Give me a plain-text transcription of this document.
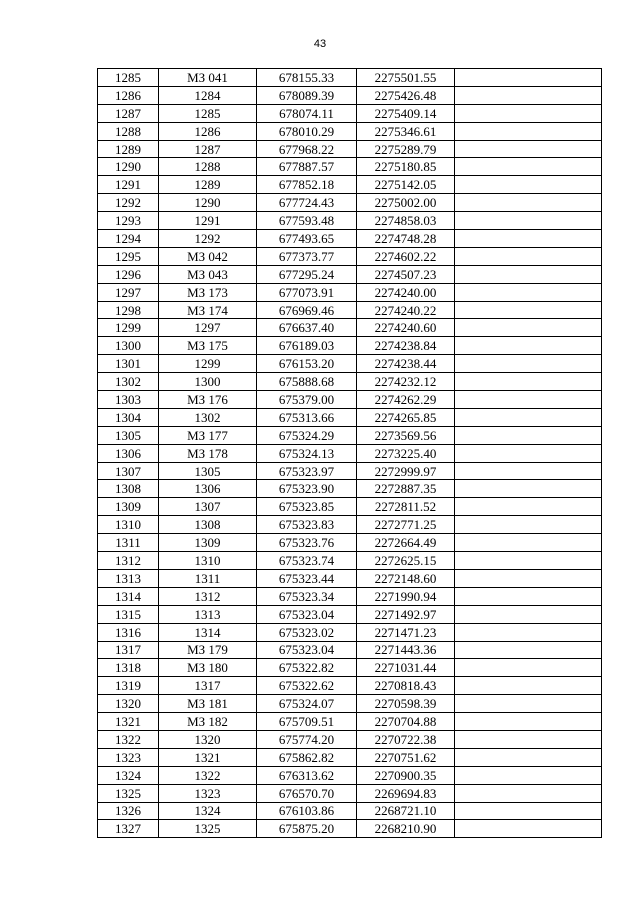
43
1285	МЗ 041	678155.33	2275501.55	
1286	1284	678089.39	2275426.48	
1287	1285	678074.11	2275409.14	
1288	1286	678010.29	2275346.61	
1289	1287	677968.22	2275289.79	
1290	1288	677887.57	2275180.85	
1291	1289	677852.18	2275142.05	
1292	1290	677724.43	2275002.00	
1293	1291	677593.48	2274858.03	
1294	1292	677493.65	2274748.28	
1295	МЗ 042	677373.77	2274602.22	
1296	МЗ 043	677295.24	2274507.23	
1297	МЗ 173	677073.91	2274240.00	
1298	МЗ 174	676969.46	2274240.22	
1299	1297	676637.40	2274240.60	
1300	МЗ 175	676189.03	2274238.84	
1301	1299	676153.20	2274238.44	
1302	1300	675888.68	2274232.12	
1303	МЗ 176	675379.00	2274262.29	
1304	1302	675313.66	2274265.85	
1305	МЗ 177	675324.29	2273569.56	
1306	МЗ 178	675324.13	2273225.40	
1307	1305	675323.97	2272999.97	
1308	1306	675323.90	2272887.35	
1309	1307	675323.85	2272811.52	
1310	1308	675323.83	2272771.25	
1311	1309	675323.76	2272664.49	
1312	1310	675323.74	2272625.15	
1313	1311	675323.44	2272148.60	
1314	1312	675323.34	2271990.94	
1315	1313	675323.04	2271492.97	
1316	1314	675323.02	2271471.23	
1317	МЗ 179	675323.04	2271443.36	
1318	МЗ 180	675322.82	2271031.44	
1319	1317	675322.62	2270818.43	
1320	МЗ 181	675324.07	2270598.39	
1321	МЗ 182	675709.51	2270704.88	
1322	1320	675774.20	2270722.38	
1323	1321	675862.82	2270751.62	
1324	1322	676313.62	2270900.35	
1325	1323	676570.70	2269694.83	
1326	1324	676103.86	2268721.10	
1327	1325	675875.20	2268210.90	
